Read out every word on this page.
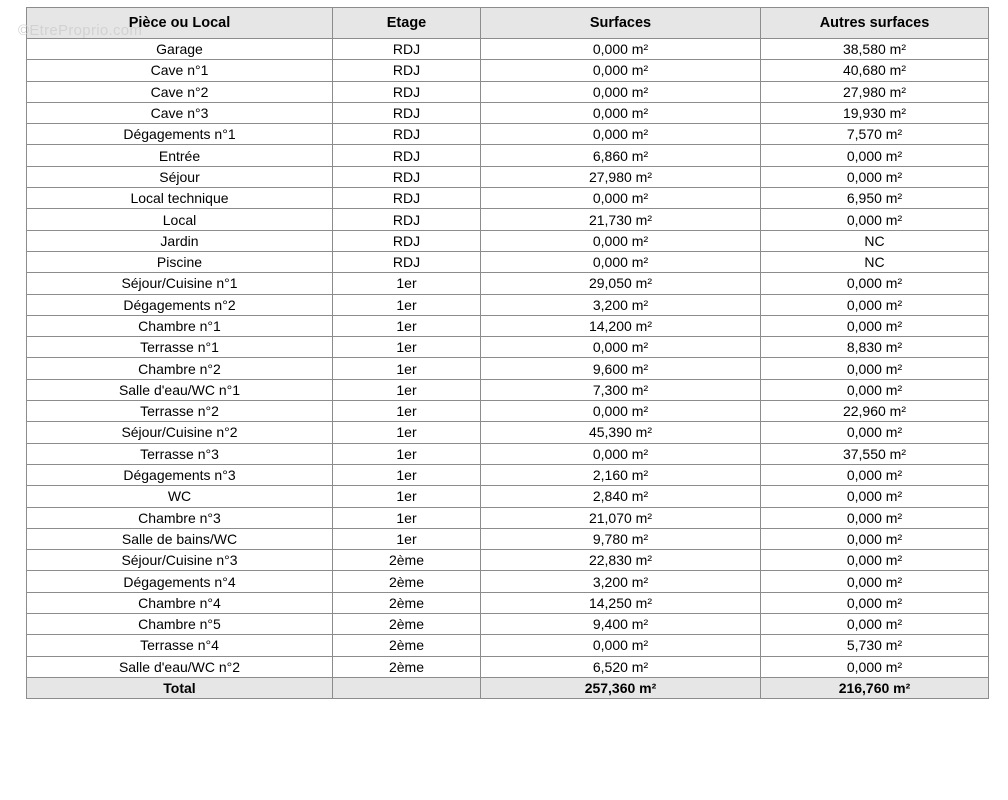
©EtreProprio.com
Pièce ou Local	Etage	Surfaces	Autres surfaces
Garage	RDJ	0,000 m²	38,580 m²
Cave n°1	RDJ	0,000 m²	40,680 m²
Cave n°2	RDJ	0,000 m²	27,980 m²
Cave n°3	RDJ	0,000 m²	19,930 m²
Dégagements n°1	RDJ	0,000 m²	7,570 m²
Entrée	RDJ	6,860 m²	0,000 m²
Séjour	RDJ	27,980 m²	0,000 m²
Local technique	RDJ	0,000 m²	6,950 m²
Local	RDJ	21,730 m²	0,000 m²
Jardin	RDJ	0,000 m²	NC
Piscine	RDJ	0,000 m²	NC
Séjour/Cuisine n°1	1er	29,050 m²	0,000 m²
Dégagements n°2	1er	3,200 m²	0,000 m²
Chambre n°1	1er	14,200 m²	0,000 m²
Terrasse n°1	1er	0,000 m²	8,830 m²
Chambre n°2	1er	9,600 m²	0,000 m²
Salle d'eau/WC n°1	1er	7,300 m²	0,000 m²
Terrasse n°2	1er	0,000 m²	22,960 m²
Séjour/Cuisine n°2	1er	45,390 m²	0,000 m²
Terrasse n°3	1er	0,000 m²	37,550 m²
Dégagements n°3	1er	2,160 m²	0,000 m²
WC	1er	2,840 m²	0,000 m²
Chambre n°3	1er	21,070 m²	0,000 m²
Salle de bains/WC	1er	9,780 m²	0,000 m²
Séjour/Cuisine n°3	2ème	22,830 m²	0,000 m²
Dégagements n°4	2ème	3,200 m²	0,000 m²
Chambre n°4	2ème	14,250 m²	0,000 m²
Chambre n°5	2ème	9,400 m²	0,000 m²
Terrasse n°4	2ème	0,000 m²	5,730 m²
Salle d'eau/WC n°2	2ème	6,520 m²	0,000 m²
Total		257,360 m²	216,760 m²
